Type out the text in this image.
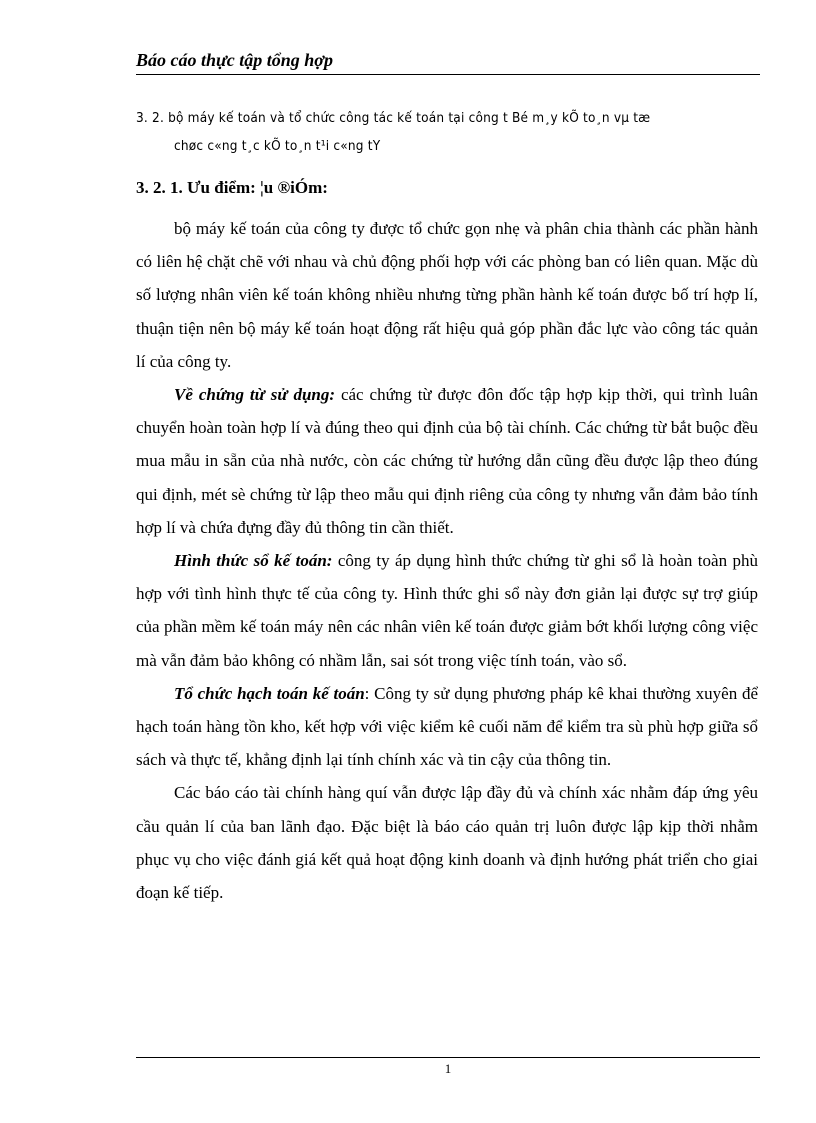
Báo cáo thực tập tổng hợp
3. 2. bộ máy kế toán và tổ chức công tác kế toán tại công t Bé m¸y kÕ to¸n vµ tæ
chøc c«ng t¸c kÕ to¸n t¹i c«ng tY
3. 2. 1. Ưu điểm: ¦u ®iÓm:

bộ máy kế toán của công ty được tổ chức gọn nhẹ và phân chia thành các phần hành có liên hệ chặt chẽ với nhau và chủ động phối hợp với các phòng ban có liên quan. Mặc dù số lượng nhân viên kế toán không nhiều nhưng từng phần hành kế toán được bố trí hợp lí, thuận tiện nên bộ máy kế toán hoạt động rất hiệu quả góp phần đắc lực vào công tác quản lí của công ty.

Về chứng từ sử dụng: các chứng từ được đôn đốc tập hợp kịp thời, qui trình luân chuyển hoàn toàn hợp lí và đúng theo qui định của bộ tài chính. Các chứng từ bắt buộc đều mua mẫu in sẵn của nhà nước, còn các chứng từ hướng dẫn cũng đều được lập theo đúng qui định, mét sè chứng từ lập theo mẫu qui định riêng của công ty nhưng vẫn đảm bảo tính hợp lí và chứa đựng đầy đủ thông tin cần thiết.

Hình thức sổ kế toán: công ty áp dụng hình thức chứng từ ghi sổ là hoàn toàn phù hợp với tình hình thực tế của công ty. Hình thức ghi sổ này đơn giản lại được sự trợ giúp của phần mềm kế toán máy nên các nhân viên kế toán được giảm bớt khối lượng công việc mà vẫn đảm bảo không có nhầm lẫn, sai sót trong việc tính toán, vào sổ.

Tổ chức hạch toán kế toán: Công ty sử dụng phương pháp kê khai thường xuyên để hạch toán hàng tồn kho, kết hợp với việc kiểm kê cuối năm để kiểm tra sù phù hợp giữa sổ sách và thực tế, khẳng định lại tính chính xác và tin cậy của thông tin.

Các báo cáo tài chính hàng quí vẫn được lập đầy đủ và chính xác nhằm đáp ứng yêu cầu quản lí của ban lãnh đạo. Đặc biệt là báo cáo quản trị luôn được lập kịp thời nhằm phục vụ cho việc đánh giá kết quả hoạt động kinh doanh và định hướng phát triển cho giai đoạn kế tiếp.

1
